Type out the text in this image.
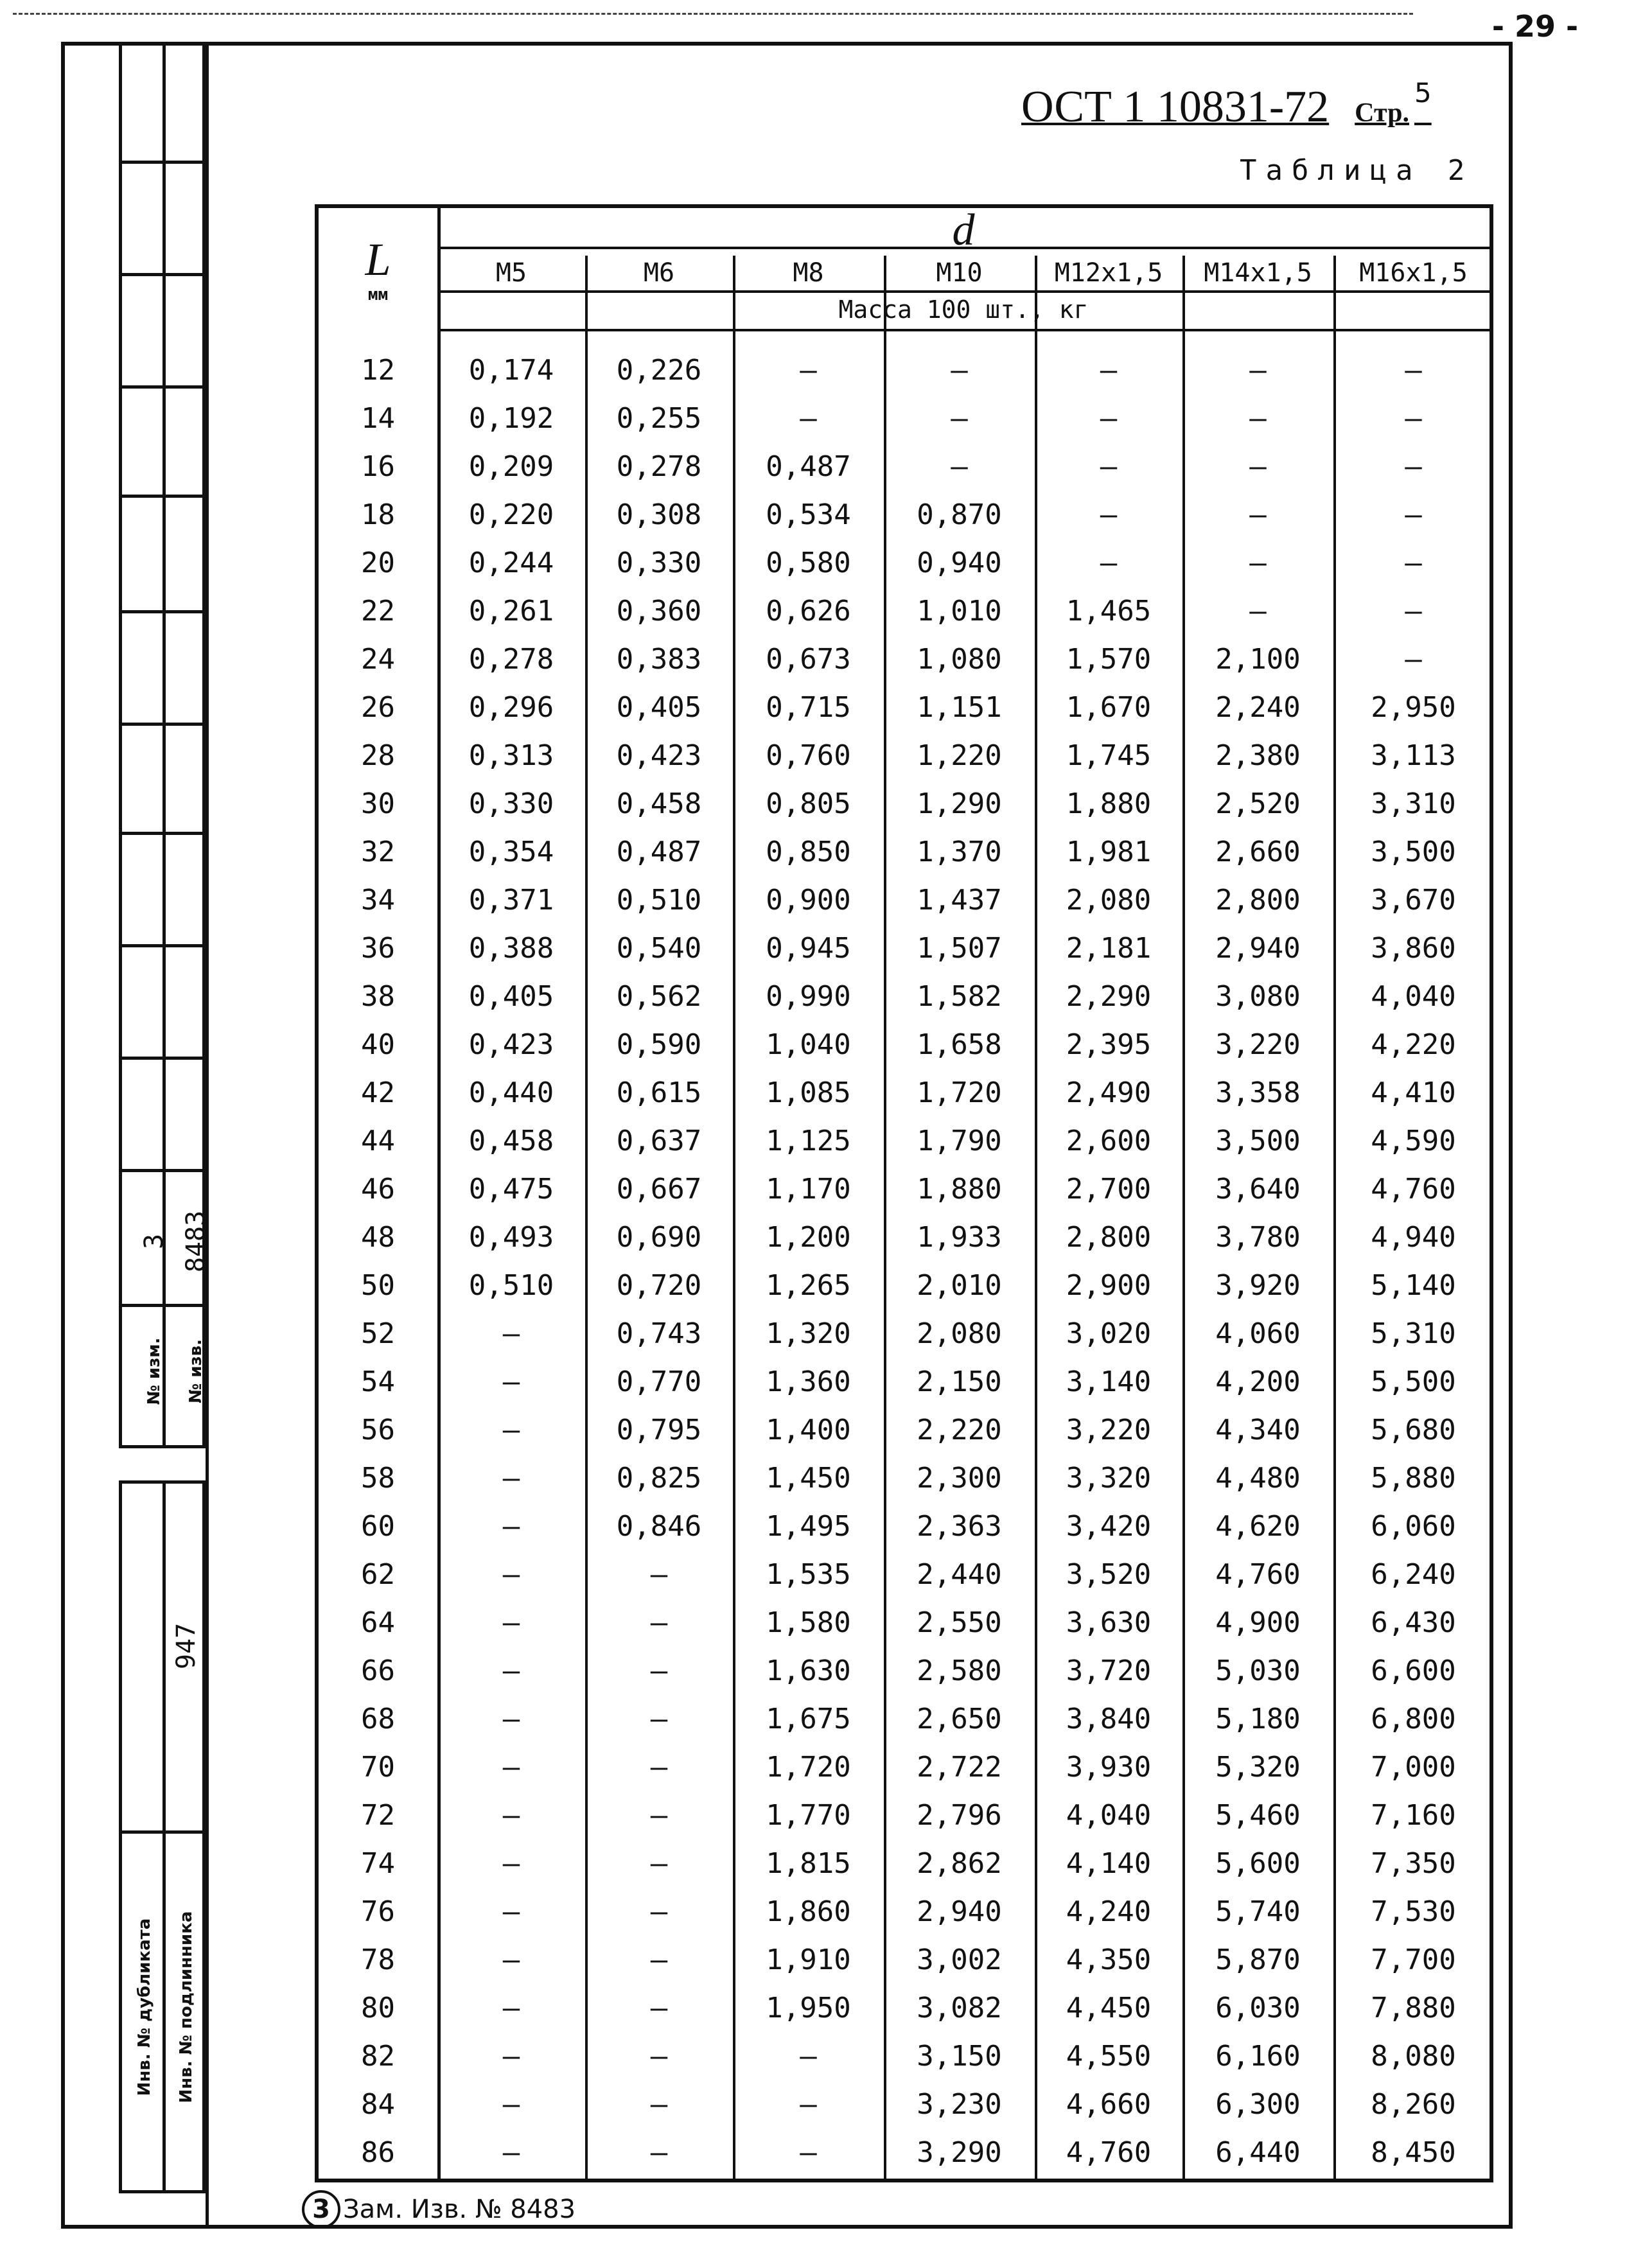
- 29 -
3 8483
№ изм. № изв.
947
Инв. № дубликата Инв. № подлинника
ОСТ 1 10831-72 Стр.$^5$
Таблица 2
d
L
мм
Масса 100 шт., кг
M5	M6	M8	M10	M12x1,5	M14x1,5	M16x1,5
12	0,174	0,226	–	–	–	–	–
14	0,192	0,255	–	–	–	–	–
16	0,209	0,278	0,487	–	–	–	–
18	0,220	0,308	0,534	0,870	–	–	–
20	0,244	0,330	0,580	0,940	–	–	–
22	0,261	0,360	0,626	1,010	1,465	–	–
24	0,278	0,383	0,673	1,080	1,570	2,100	–
26	0,296	0,405	0,715	1,151	1,670	2,240	2,950
28	0,313	0,423	0,760	1,220	1,745	2,380	3,113
30	0,330	0,458	0,805	1,290	1,880	2,520	3,310
32	0,354	0,487	0,850	1,370	1,981	2,660	3,500
34	0,371	0,510	0,900	1,437	2,080	2,800	3,670
36	0,388	0,540	0,945	1,507	2,181	2,940	3,860
38	0,405	0,562	0,990	1,582	2,290	3,080	4,040
40	0,423	0,590	1,040	1,658	2,395	3,220	4,220
42	0,440	0,615	1,085	1,720	2,490	3,358	4,410
44	0,458	0,637	1,125	1,790	2,600	3,500	4,590
46	0,475	0,667	1,170	1,880	2,700	3,640	4,760
48	0,493	0,690	1,200	1,933	2,800	3,780	4,940
50	0,510	0,720	1,265	2,010	2,900	3,920	5,140
52	–	0,743	1,320	2,080	3,020	4,060	5,310
54	–	0,770	1,360	2,150	3,140	4,200	5,500
56	–	0,795	1,400	2,220	3,220	4,340	5,680
58	–	0,825	1,450	2,300	3,320	4,480	5,880
60	–	0,846	1,495	2,363	3,420	4,620	6,060
62	–	–	1,535	2,440	3,520	4,760	6,240
64	–	–	1,580	2,550	3,630	4,900	6,430
66	–	–	1,630	2,580	3,720	5,030	6,600
68	–	–	1,675	2,650	3,840	5,180	6,800
70	–	–	1,720	2,722	3,930	5,320	7,000
72	–	–	1,770	2,796	4,040	5,460	7,160
74	–	–	1,815	2,862	4,140	5,600	7,350
76	–	–	1,860	2,940	4,240	5,740	7,530
78	–	–	1,910	3,002	4,350	5,870	7,700
80	–	–	1,950	3,082	4,450	6,030	7,880
82	–	–	–	3,150	4,550	6,160	8,080
84	–	–	–	3,230	4,660	6,300	8,260
86	–	–	–	3,290	4,760	6,440	8,450
3 Зам. Изв. № 8483
